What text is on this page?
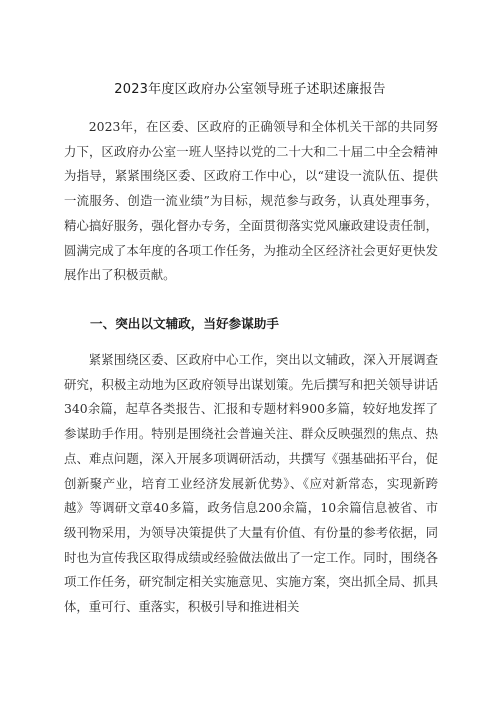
2023年度区政府办公室领导班子述职述廉报告

2023年，在区委、区政府的正确领导和全体机关干部的共同努力下，区政府办公室一班人坚持以党的二十大和二十届二中全会精神为指导，紧紧围绕区委、区政府工作中心，以“建设一流队伍、提供一流服务、创造一流业绩”为目标，规范参与政务，认真处理事务，精心搞好服务，强化督办专务，全面贯彻落实党风廉政建设责任制，圆满完成了本年度的各项工作任务，为推动全区经济社会更好更快发展作出了积极贡献。

一、突出以文辅政，当好参谋助手

紧紧围绕区委、区政府中心工作，突出以文辅政，深入开展调查研究，积极主动地为区政府领导出谋划策。先后撰写和把关领导讲话340余篇，起草各类报告、汇报和专题材料900多篇，较好地发挥了参谋助手作用。特别是围绕社会普遍关注、群众反映强烈的焦点、热点、难点问题，深入开展多项调研活动，共撰写《强基础拓平台，促创新聚产业，培育工业经济发展新优势》、《应对新常态，实现新跨越》等调研文章40多篇，政务信息200余篇，10余篇信息被省、市级刊物采用，为领导决策提供了大量有价值、有份量的参考依据，同时也为宣传我区取得成绩或经验做法做出了一定工作。同时，围绕各项工作任务，研究制定相关实施意见、实施方案，突出抓全局、抓具体，重可行、重落实，积极引导和推进相关
